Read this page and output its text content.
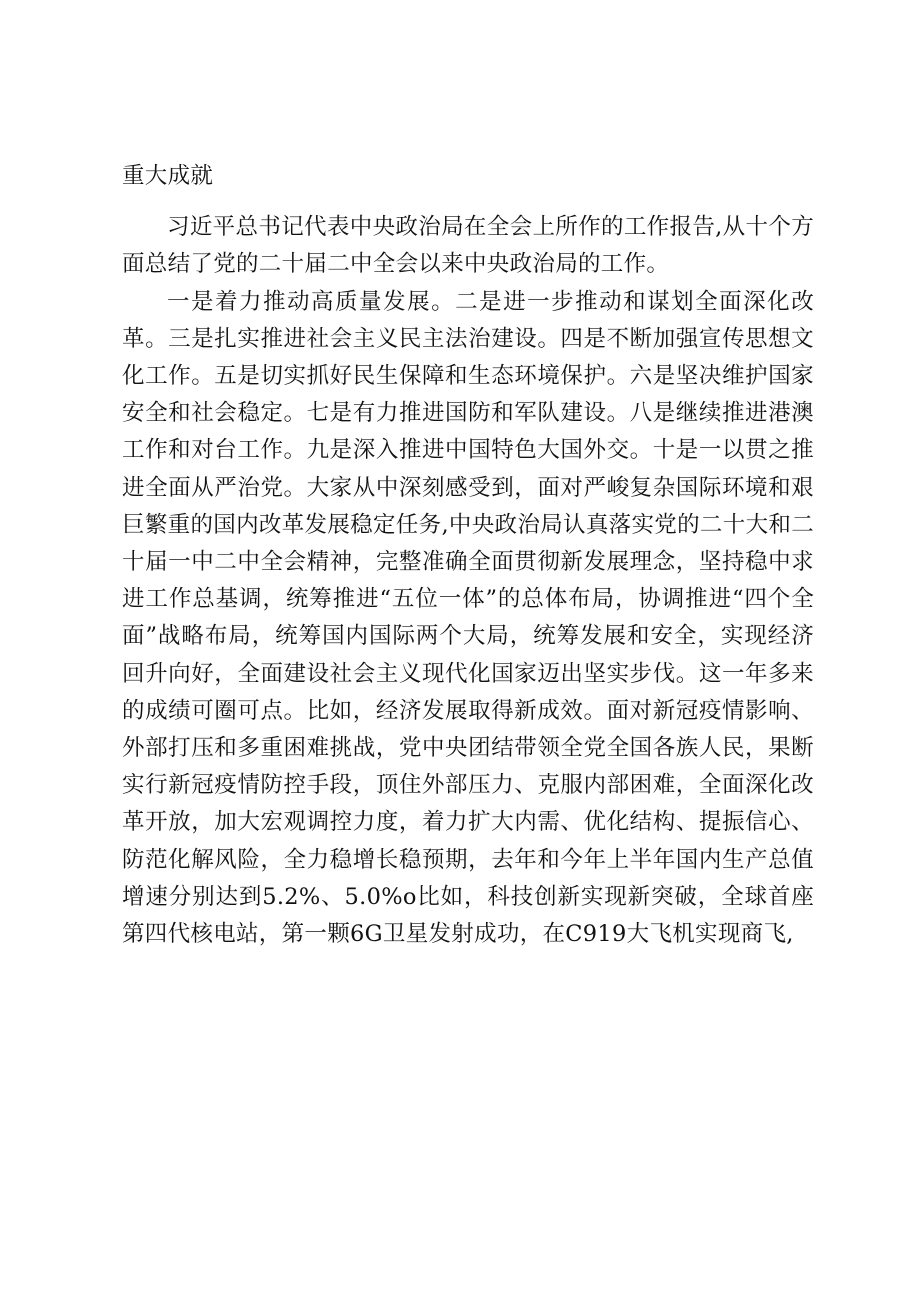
重大成就

习近平总书记代表中央政治局在全会上所作的工作报告,从十个方面总结了党的二十届二中全会以来中央政治局的工作。

一是着力推动高质量发展。二是进一步推动和谋划全面深化改革。三是扎实推进社会主义民主法治建设。四是不断加强宣传思想文化工作。五是切实抓好民生保障和生态环境保护。六是坚决维护国家安全和社会稳定。七是有力推进国防和军队建设。八是继续推进港澳工作和对台工作。九是深入推进中国特色大国外交。十是一以贯之推进全面从严治党。大家从中深刻感受到，面对严峻复杂国际环境和艰巨繁重的国内改革发展稳定任务,中央政治局认真落实党的二十大和二十届一中二中全会精神，完整准确全面贯彻新发展理念，坚持稳中求进工作总基调，统筹推进“五位一体”的总体布局，协调推进“四个全面”战略布局，统筹国内国际两个大局，统筹发展和安全，实现经济回升向好，全面建设社会主义现代化国家迈出坚实步伐。这一年多来的成绩可圈可点。比如，经济发展取得新成效。面对新冠疫情影响、外部打压和多重困难挑战，党中央团结带领全党全国各族人民，果断实行新冠疫情防控手段，顶住外部压力、克服内部困难，全面深化改革开放，加大宏观调控力度，着力扩大内需、优化结构、提振信心、防范化解风险，全力稳增长稳预期，去年和今年上半年国内生产总值增速分别达到5.2%、5.0%o比如，科技创新实现新突破，全球首座第四代核电站，第一颗6G卫星发射成功，在C919大飞机实现商飞,
